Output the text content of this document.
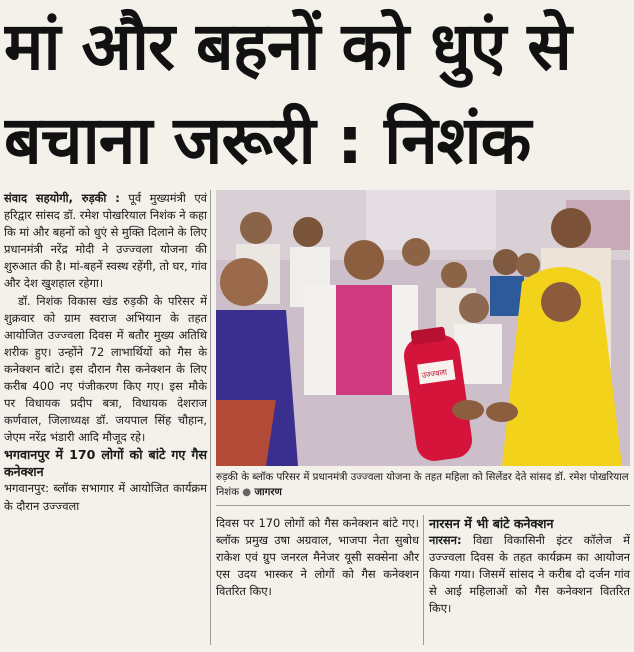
मां और बहनों को धुएं से
बचाना जरूरी : निशंक

संवाद सहयोगी, रुड़की : पूर्व मुख्यमंत्री एवं हरिद्वार सांसद डॉ. रमेश पोखरियाल निशंक ने कहा कि मां और बहनों को धुएं से मुक्ति दिलाने के लिए प्रधानमंत्री नरेंद्र मोदी ने उज्ज्वला योजना की शुरुआत की है। मां-बहनें स्वस्थ रहेंगी, तो घर, गांव और देश खुशहाल रहेगा।

डॉ. निशंक विकास खंड रुड़की के परिसर में शुक्रवार को ग्राम स्वराज अभियान के तहत आयोजित उज्ज्वला दिवस में बतौर मुख्य अतिथि शरीक हुए। उन्होंने 72 लाभार्थियों को गैस के कनेक्शन बांटे। इस दौरान गैस कनेक्शन के लिए करीब 400 नए पंजीकरण किए गए। इस मौके पर विधायक प्रदीप बत्रा, विधायक देशराज कर्णवाल, जिलाध्यक्ष डॉ. जयपाल सिंह चौहान, जेएम नरेंद्र भंडारी आदि मौजूद रहे।

भगवानपुर में 170 लोगों को बांटे गए गैस कनेक्शन

भगवानपुर: ब्लॉक सभागार में आयोजित कार्यक्रम के दौरान उज्ज्वला

उज्ज्वला
रुड़की के ब्लॉक परिसर में प्रधानमंत्री उज्ज्वला योजना के तहत महिला को सिलेंडर देते सांसद डॉ. रमेश पोखरियाल निशंक ● जागरण

दिवस पर 170 लोगों को गैस कनेक्शन बांटे गए। ब्लॉक प्रमुख उषा अग्रवाल, भाजपा नेता सुबोध राकेश एवं ग्रुप जनरल मैनेजर यूसी सक्सेना और एस उदय भास्कर ने लोगों को गैस कनेक्शन वितरित किए।

नारसन में भी बांटे कनेक्शन

नारसन: विद्या विकासिनी इंटर कॉलेज में उज्ज्वला दिवस के तहत कार्यक्रम का आयोजन किया गया। जिसमें सांसद ने करीब दो दर्जन गांव से आई महिलाओं को गैस कनेक्शन वितरित किए।
